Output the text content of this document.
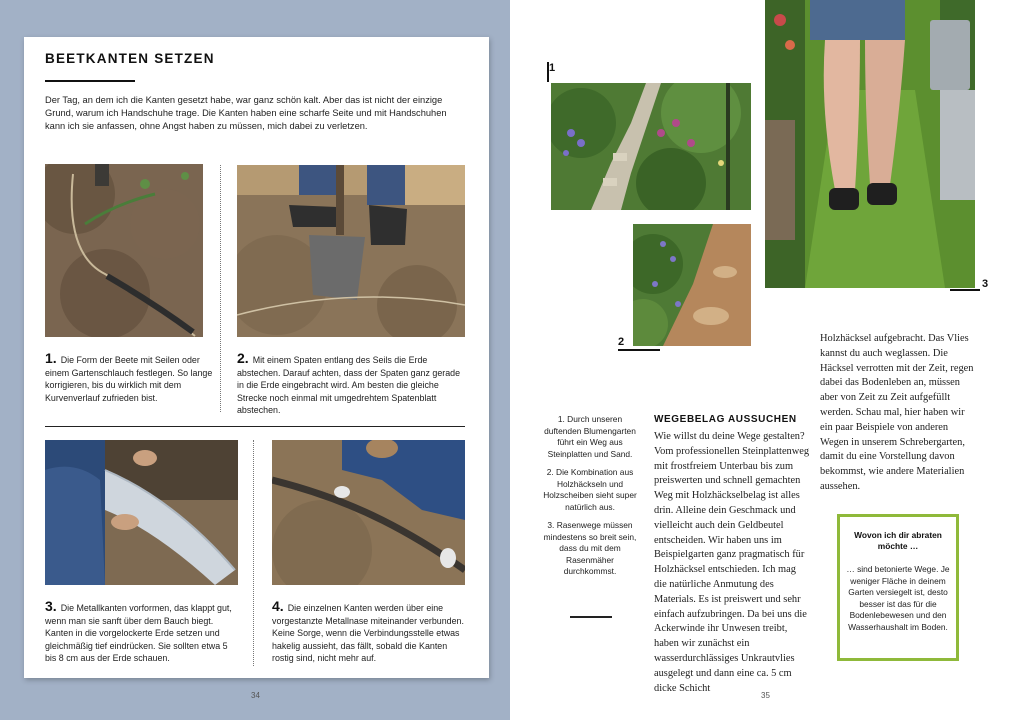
BEETKANTEN SETZEN
Der Tag, an dem ich die Kanten gesetzt habe, war ganz schön kalt. Aber das ist nicht der einzige Grund, warum ich Handschuhe trage. Die Kanten haben eine scharfe Seite und mit Handschuhen kann ich sie anfassen, ohne Angst haben zu müssen, mich dabei zu verletzen.
1. Die Form der Beete mit Seilen oder einem Gartenschlauch festlegen. So lange korrigieren, bis du wirklich mit dem Kurvenverlauf zufrieden bist.
2. Mit einem Spaten entlang des Seils die Erde abstechen. Darauf achten, dass der Spaten ganz gerade in die Erde eingebracht wird. Am besten die gleiche Strecke noch einmal mit umgedrehtem Spatenblatt abstechen.
3. Die Metallkanten vorformen, das klappt gut, wenn man sie sanft über dem Bauch biegt. Kanten in die vorgelockerte Erde setzen und gleichmäßig tief eindrücken. Sie sollten etwa 5 bis 8 cm aus der Erde schauen.
4. Die einzelnen Kanten werden über eine vorgestanzte Metallnase miteinander verbunden. Keine Sorge, wenn die Verbindungsstelle etwas hakelig aussieht, das fällt, sobald die Kanten rostig sind, nicht mehr auf.
34
1
2
3

1. Durch unseren duftenden Blumengarten führt ein Weg aus Steinplatten und Sand.

2. Die Kombination aus Holzhäckseln und Holzscheiben sieht super natürlich aus.

3. Rasenwege müssen mindestens so breit sein, dass du mit dem Rasenmäher durchkommst.

WEGEBELAG AUSSUCHEN
Wie willst du deine Wege gestalten? Vom professionellen Steinplattenweg mit frostfreiem Unterbau bis zum preiswerten und schnell gemachten Weg mit Holzhäckselbelag ist alles drin. Alleine dein Geschmack und vielleicht auch dein Geldbeutel entscheiden. Wir haben uns im Beispielgarten ganz pragmatisch für Holzhäcksel entschieden. Ich mag die natürliche Anmutung des Materials. Es ist preiswert und sehr einfach aufzubringen. Da bei uns die Ackerwinde ihr Unwesen treibt, haben wir zunächst ein wasserdurchlässiges Unkrautvlies ausgelegt und dann eine ca. 5 cm dicke Schicht
Holzhäcksel aufgebracht. Das Vlies kannst du auch weglassen. Die Häcksel verrotten mit der Zeit, regen dabei das Bodenleben an, müssen aber von Zeit zu Zeit aufgefüllt werden. Schau mal, hier haben wir ein paar Beispiele von anderen Wegen in unserem Schrebergarten, damit du eine Vorstellung davon bekommst, wie andere Materialien aussehen.
Wovon ich dir abraten möchte …
… sind betonierte Wege. Je weniger Fläche in deinem Garten versiegelt ist, desto besser ist das für die Bodenlebewesen und den Wasserhaushalt im Boden.
35
